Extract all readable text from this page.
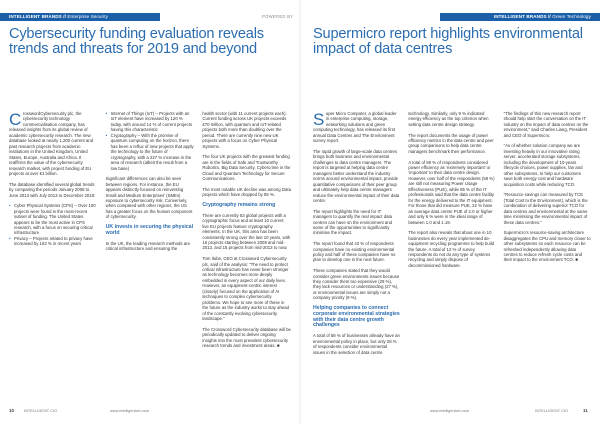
INTELLIGENT BRANDS // Enterprise Security	POWERED BY
Cybersecurity funding evaluation reveals trends and threats for 2019 and beyond

CrosswordCybersecurity plc, the cybersecurity technology commercialisation company, has released insights from its global review of academic cybersecurity research. The new database looked at nearly 1,200 current and past research projects from academic institutions in the United Kingdom, United States, Europe, Australia and Africa. It reaffirms the value of the cybersecurity research market, with project funding of EU projects at over €1 billion.

The database identified several global trends by comparing the periods January 2008 to June 2013 with July 2013 to December 2018:

• Cyber Physical Systems (CPS) – Over 100 projects were found in the most-recent subset of funding. The United States appears to be the most active in CPS research, with a focus on securing critical infrastructure
• Privacy – Projects related to privacy have increased by 163 % in recent years
• Internet of Things (IoT) – Projects with an IoT element have increased by 120 % today, with around 14 % of current projects having this characteristic
• Cryptography – With the promise of quantum computing on the horizon, there has been a reflux of new projects that apply the technology to the future of cryptography, with a 227 % increase in the area of research (albeit the result from a low base)

Significant differences can also be seen between regions. For instance, the EU appears distinctly focused on reinventing Small and Medium Enterprises’ (SMEs) exposure to cybersecurity risk. Conversely, when compared with other regions, the US has a greater focus on the human component of cybersecurity.

UK invests in securing the physical world

In the UK, the leading research methods are critical infrastructure and ensuring the

health sector (with 11 current projects each). Current funding across UK projects exceeds £70 million, with quantum and IoT-related projects both more than doubling over the period. There are currently nine new UK projects with a focus on Cyber Physical Systems.

The four UK projects with the greatest funding are in the fields of Safe and Trustworthy Robotics, Big Data Security, Cybercrime in the Cloud and Quantum Technology for Secure Communications.

The most notable UK decline was among Data projects which have dropped by 85 %.

Cryptography remains strong

There are currently 53 global projects with a cryptographic focus and at least 10 current live EU projects feature cryptography elements. In the UK, this area has been consistently strong over the last 10 years, with 16 projects starting between 2008 and mid-2013, and 15 projects from mid-2013 to now.

Tom Ilube, CEO at Crossword Cybersecurity plc, said of the analysis: “The need to protect critical infrastructure has never been stronger as technology becomes more deeply embedded in every aspect of our daily lives. However, an equipment-centric interest (closely) focused on the application of AI techniques to complex cybersecurity problems. We hope to see more of these in the future as the industry works to stay ahead of the constantly evolving cybersecurity landscape.”

The Crossword Cybersecurity database will be periodically updated to deliver ongoing insights into the most prevalent cybersecurity research trends and investment areas. ■

10	INTELLIGENT CIO	www.intelligentcio.com
INTELLIGENT BRANDS // Green Technology
Supermicro report highlights environmental impact of data centres

Super Micro Computer, a global leader in enterprise computing, storage, networking solutions and green computing technology, has released its first annual Data Centres and The Environment survey report.

The rapid growth of large-scale data centres brings both business and environmental challenges to data centre managers. The report is targeted at helping data centre managers better understand the industry norms around environmental impact, provide quantitative comparisons of their peer group and ultimately help data centre managers reduce the environmental impact of their data centre.

The report highlights the need for IT managers to quantify the real impact data centres can have on the environment and some of the opportunities to significantly minimise the impact.

The report found that 43 % of respondents companies have no existing environmental policy and half of these companies have no plan to develop one in the next future.

These companies stated that they would consider green environments issues because they consider them too expensive (29 %), they lack resources or understanding (27 %), or environmental issues are simply not a company priority (9 %).

Helping companies to connect corporate environmental strategies with their data centre growth challenges

A total of 58 % of businesses already have an environmental policy in place, but only 28 % of respondents consider environmental issues in the selection of data centre

technology. Similarly, only 9 % indicated energy efficiency as the top criterion when setting data centre design strategy.

The report documents the usage of power efficiency metrics in the data centre and peer group comparisons to help data centre managers benchmark their performance.

A total of 59 % of respondents considered power efficiency as ‘extremely important’ or ‘important’ to their data centre design. However, over half of the respondents (58 %) are still not measuring Power Usage Effectiveness (PUE), while 85 % of the IT professionals said that the data centre facility for the energy delivered to the IT equipment. For those that did measure PUE, 22 % have an average data centre PUE of 2.0 or higher and only 6 % were in the ideal range of between 1.0 and 1.19.

The report also reveals that about one in 10 businesses do every year implemented de-equipment recycling programme to help build the future. A total of 12 % of survey respondents do not do any type of systems recycling and simply dispose of decommissioned hardware.

“The findings of this new research report should help start the conversation on the IT industry on the impact of data centres on the environment,” said Charles Liang, President and CEO of Supermicro.

“As of whether solution company we are investing heavily in our innovative rating server, accelerated storage subsystems, including the development of 10-years lifecycle choices, power supplies, fan and other subsystems, to help our customers save both energy cost and hardware acquisition costs while reducing TCO.

“Resource savings can measured by TCE (Total Cost to the Environment), which is the combination of delivering superior TCO for data centres and environmental at the same time minimising the environmental impact of these data centres.”

Supermicro’s resource-saving architecture disaggregates the CPU and memory closer to other subsystems so each resource can be refreshed independently allowing data centres to reduce refresh cycle costs and their impact to the environment TCO. ■

www.intelligentcio.com	INTELLIGENT CIO	11
